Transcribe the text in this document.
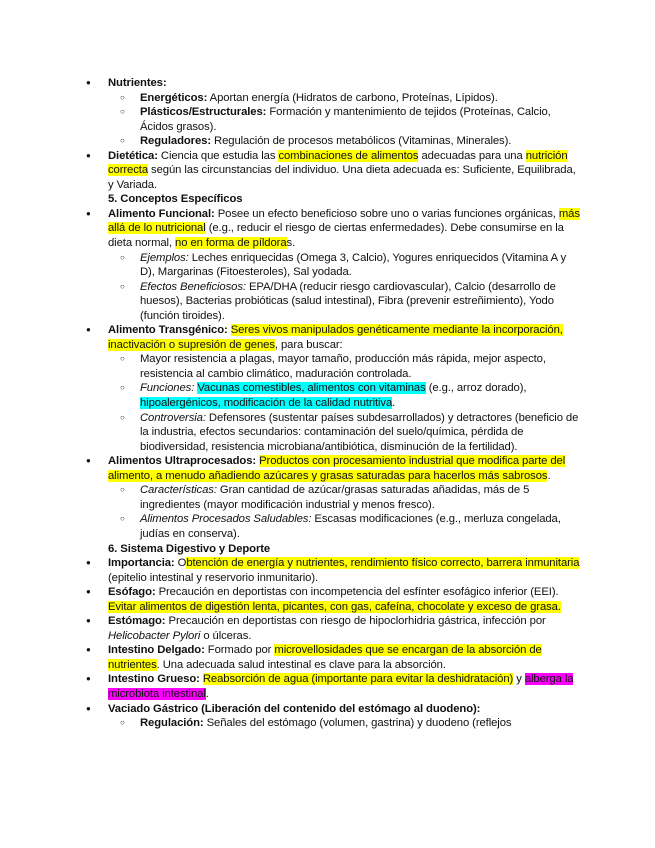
● Nutrientes:
○ Energéticos: Aportan energía (Hidratos de carbono, Proteínas, Lípidos).
○ Plásticos/Estructurales: Formación y mantenimiento de tejidos (Proteínas, Calcio, Ácidos grasos).
○ Reguladores: Regulación de procesos metabólicos (Vitaminas, Minerales).
● Dietética: Ciencia que estudia las combinaciones de alimentos adecuadas para una nutrición correcta según las circunstancias del individuo. Una dieta adecuada es: Suficiente, Equilibrada, y Variada.
5. Conceptos Específicos
● Alimento Funcional: Posee un efecto beneficioso sobre uno o varias funciones orgánicas, más allá de lo nutricional (e.g., reducir el riesgo de ciertas enfermedades). Debe consumirse en la dieta normal, no en forma de píldoras.
○ Ejemplos: Leches enriquecidas (Omega 3, Calcio), Yogures enriquecidos (Vitamina A y D), Margarinas (Fitoesteroles), Sal yodada.
○ Efectos Beneficiosos: EPA/DHA (reducir riesgo cardiovascular), Calcio (desarrollo de huesos), Bacterias probióticas (salud intestinal), Fibra (prevenir estreñimiento), Yodo (función tiroides).
● Alimento Transgénico: Seres vivos manipulados genéticamente mediante la incorporación, inactivación o supresión de genes, para buscar:
○ Mayor resistencia a plagas, mayor tamaño, producción más rápida, mejor aspecto, resistencia al cambio climático, maduración controlada.
○ Funciones: Vacunas comestibles, alimentos con vitaminas (e.g., arroz dorado), hipoalergénicos, modificación de la calidad nutritiva.
○ Controversia: Defensores (sustentar países subdesarrollados) y detractores (beneficio de la industria, efectos secundarios: contaminación del suelo/química, pérdida de biodiversidad, resistencia microbiana/antibiótica, disminución de la fertilidad).
● Alimentos Ultraprocesados: Productos con procesamiento industrial que modifica parte del alimento, a menudo añadiendo azúcares y grasas saturadas para hacerlos más sabrosos.
○ Características: Gran cantidad de azúcar/grasas saturadas añadidas, más de 5 ingredientes (mayor modificación industrial y menos fresco).
○ Alimentos Procesados Saludables: Escasas modificaciones (e.g., merluza congelada, judías en conserva).
6. Sistema Digestivo y Deporte
● Importancia: Obtención de energía y nutrientes, rendimiento físico correcto, barrera inmunitaria (epitelio intestinal y reservorio inmunitario).
● Esófago: Precaución en deportistas con incompetencia del esfínter esofágico inferior (EEI). Evitar alimentos de digestión lenta, picantes, con gas, cafeína, chocolate y exceso de grasa.
● Estómago: Precaución en deportistas con riesgo de hipoclorhidria gástrica, infección por Helicobacter Pylori o úlceras.
● Intestino Delgado: Formado por microvellosidades que se encargan de la absorción de nutrientes. Una adecuada salud intestinal es clave para la absorción.
● Intestino Grueso: Reabsorción de agua (importante para evitar la deshidratación) y alberga la microbiota intestinal.
● Vaciado Gástrico (Liberación del contenido del estómago al duodeno):
○ Regulación: Señales del estómago (volumen, gastrina) y duodeno (reflejos
